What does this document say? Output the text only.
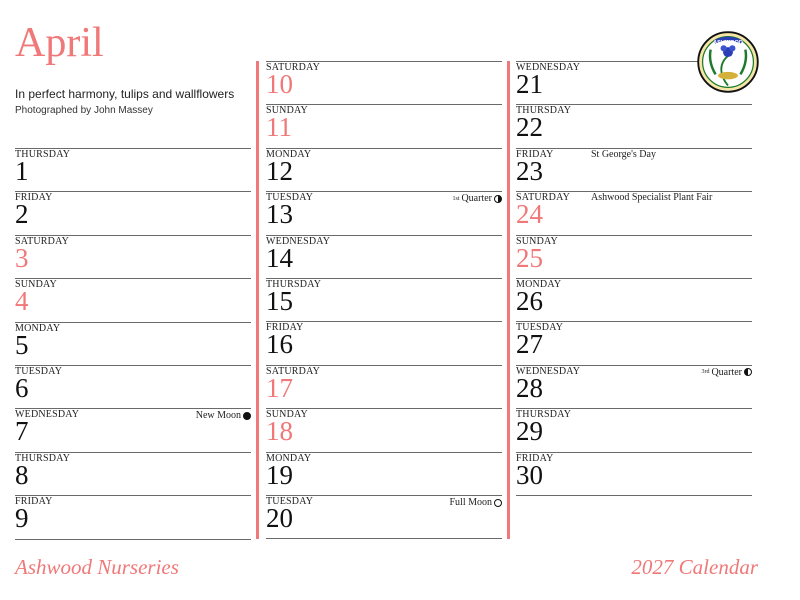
April
In perfect harmony, tulips and wallflowers
Photographed by John Massey
THURSDAY
1
FRIDAY
2
SATURDAY
3
SUNDAY
4
MONDAY
5
TUESDAY
6
WEDNESDAY
7
New Moon
THURSDAY
8
FRIDAY
9
SATURDAY
10
SUNDAY
11
MONDAY
12
TUESDAY
13
1st Quarter
WEDNESDAY
14
THURSDAY
15
FRIDAY
16
SATURDAY
17
SUNDAY
18
MONDAY
19
TUESDAY
20
Full Moon
WEDNESDAY
21
THURSDAY
22
FRIDAY
23
St George's Day
SATURDAY
24
Ashwood Specialist Plant Fair
SUNDAY
25
MONDAY
26
TUESDAY
27
WEDNESDAY
28
3rd Quarter
THURSDAY
29
FRIDAY
30
ASHWOOD
Ashwood Nurseries	2027 Calendar
